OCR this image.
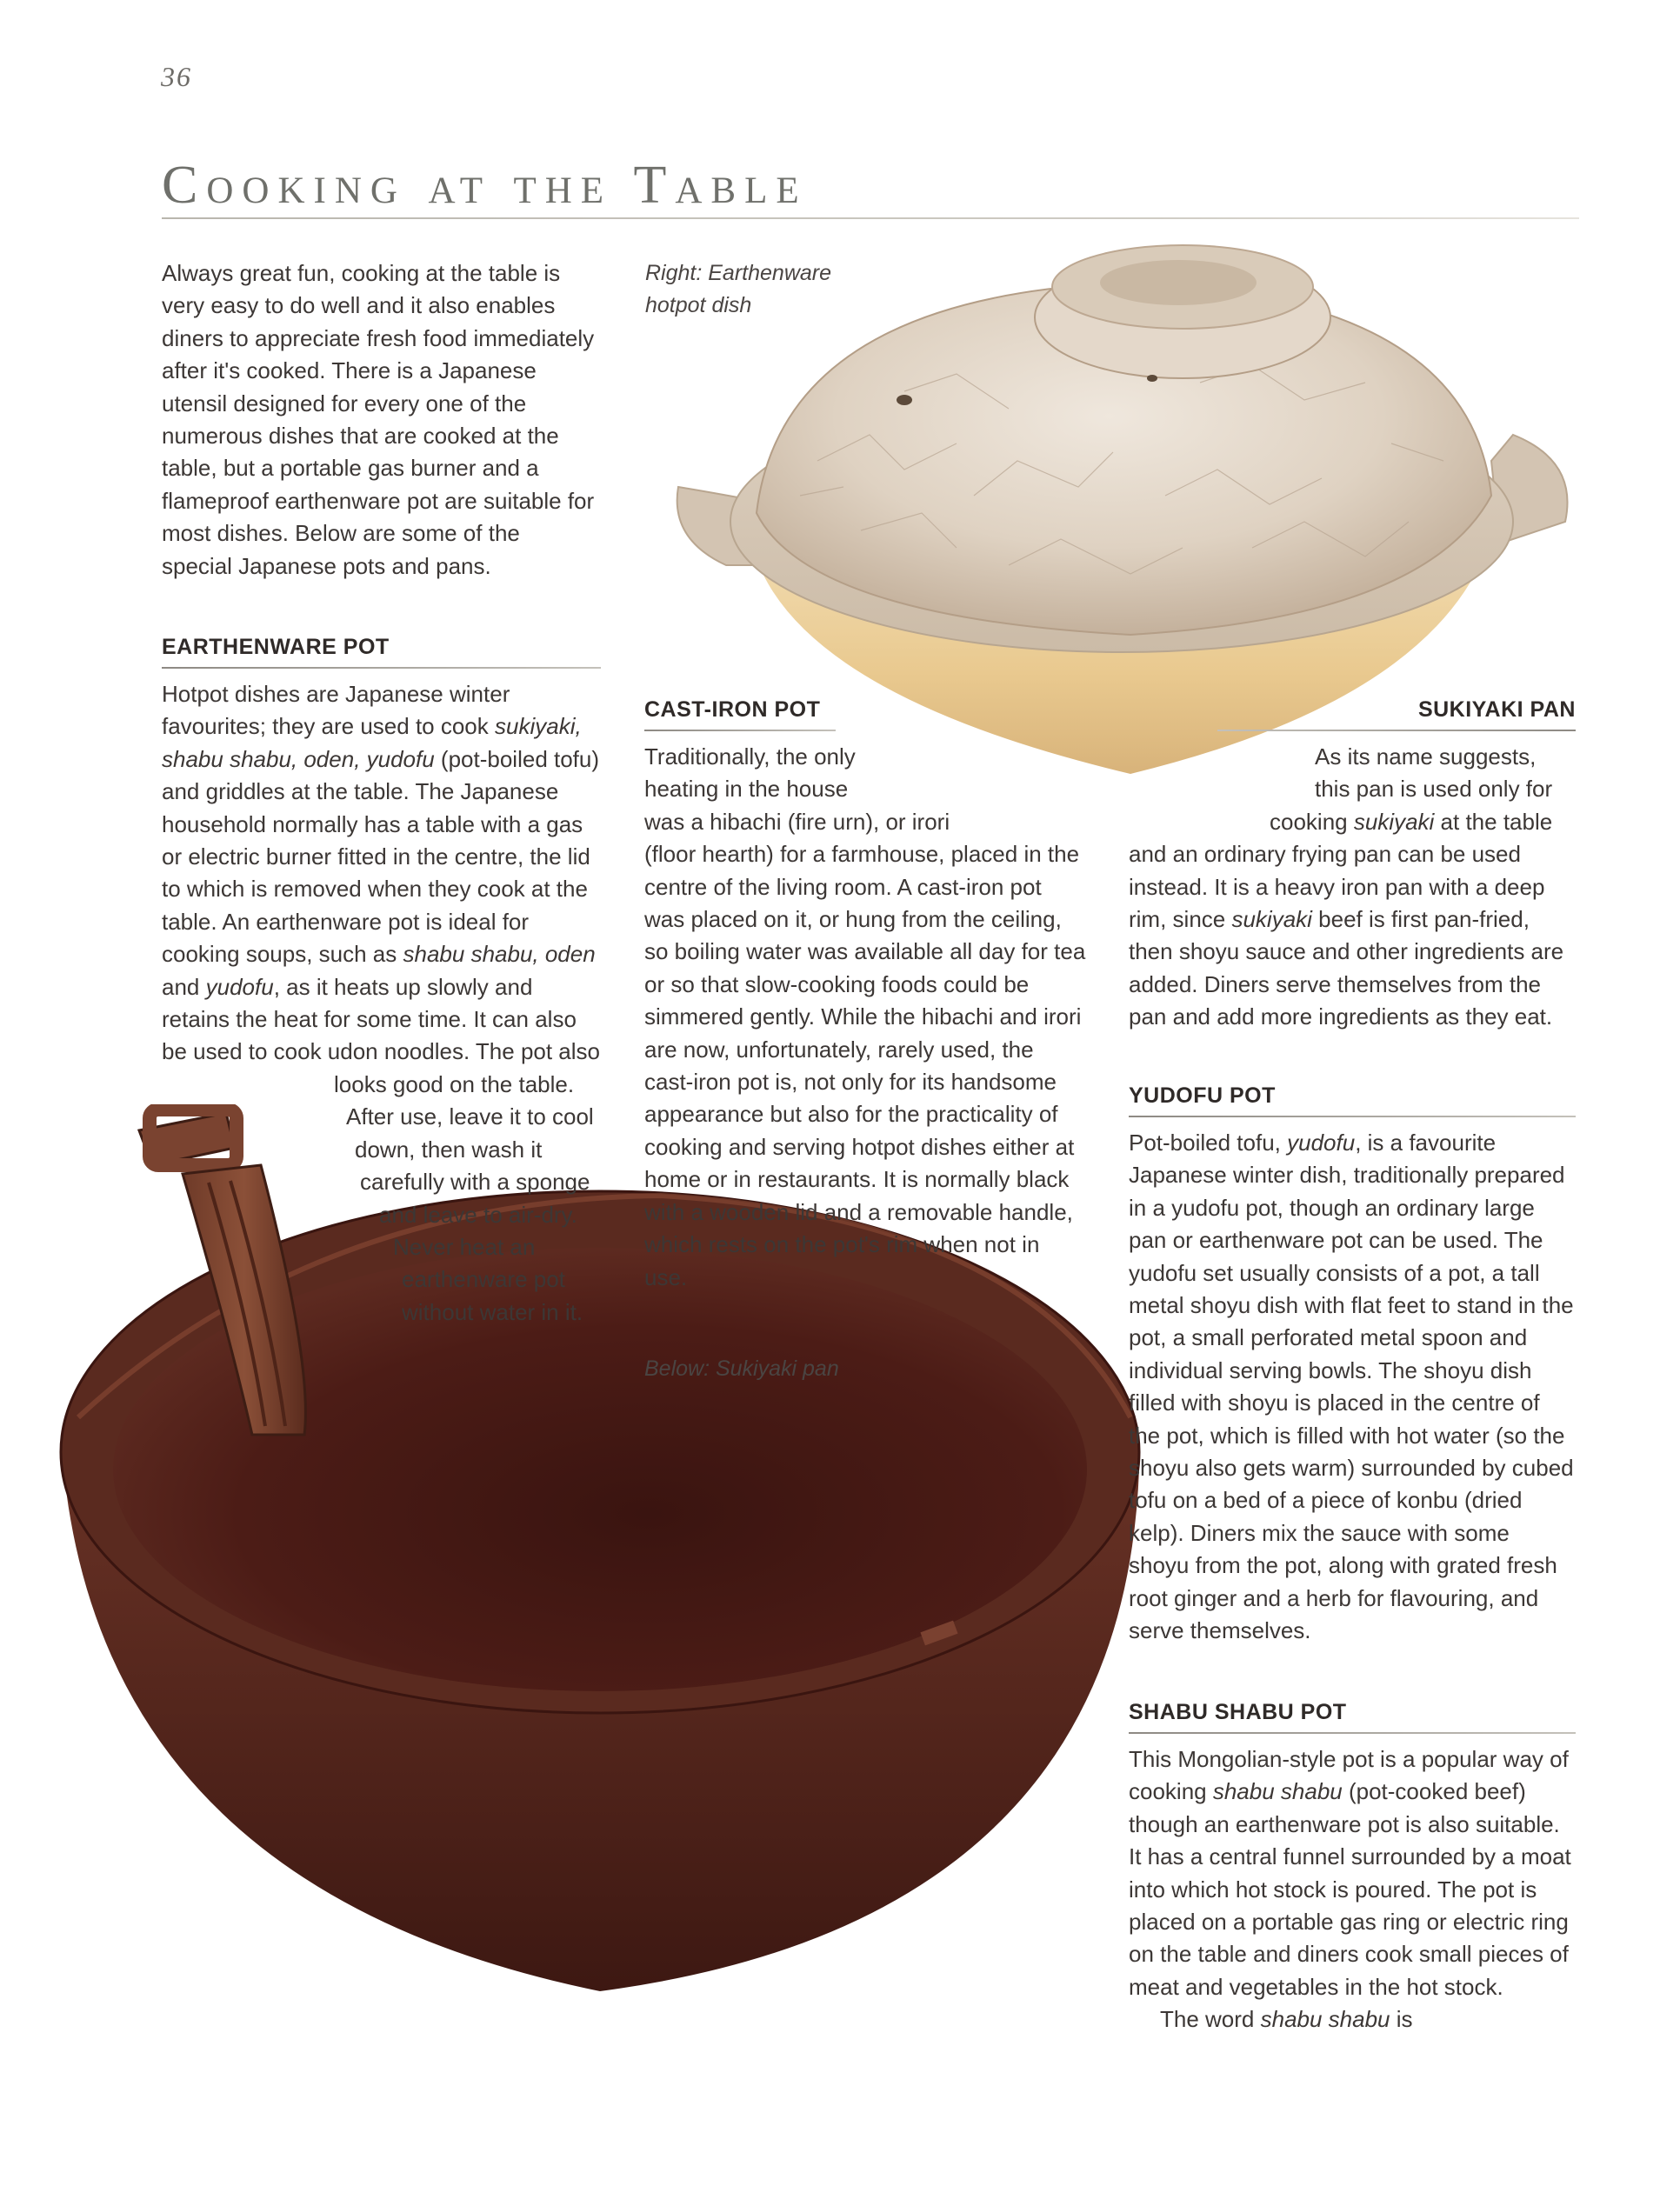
36
Cooking at the Table

Always great fun, cooking at the table is very easy to do well and it also enables diners to appreciate fresh food immediately after it's cooked. There is a Japanese utensil designed for every one of the numerous dishes that are cooked at the table, but a portable gas burner and a flameproof earthenware pot are suitable for most dishes. Below are some of the special Japanese pots and pans.

EARTHENWARE POT

Hotpot dishes are Japanese winter favourites; they are used to cook sukiyaki, shabu shabu, oden, yudofu (pot-boiled tofu) and griddles at the table. The Japanese household normally has a table with a gas or electric burner fitted in the centre, the lid to which is removed when they cook at the table. An earthenware pot is ideal for cooking soups, such as shabu shabu, oden and yudofu, as it heats up slowly and retains the heat for some time. It can also be used to cook udon noodles. The pot also looks good on the table. After use, leave it to cool down, then wash it carefully with a sponge and leave to air-dry. Never heat an earthenware pot without water in it.

Right: Earthenware hotpot dish
CAST-IRON POT

Traditionally, the only heating in the house was a hibachi (fire urn), or irori (floor hearth) for a farmhouse, placed in the centre of the living room. A cast-iron pot was placed on it, or hung from the ceiling, so boiling water was available all day for tea or so that slow-cooking foods could be simmered gently. While the hibachi and irori are now, unfortunately, rarely used, the cast-iron pot is, not only for its handsome appearance but also for the practicality of cooking and serving hotpot dishes either at home or in restaurants. It is normally black with a wooden lid and a removable handle, which rests on the pot's rim when not in use.

Below: Sukiyaki pan
SUKIYAKI PAN

As its name suggests, this pan is used only for cooking sukiyaki at the table and an ordinary frying pan can be used instead. It is a heavy iron pan with a deep rim, since sukiyaki beef is first pan-fried, then shoyu sauce and other ingredients are added. Diners serve themselves from the pan and add more ingredients as they eat.

YUDOFU POT

Pot-boiled tofu, yudofu, is a favourite Japanese winter dish, traditionally prepared in a yudofu pot, though an ordinary large pan or earthenware pot can be used. The yudofu set usually consists of a pot, a tall metal shoyu dish with flat feet to stand in the pot, a small perforated metal spoon and individual serving bowls. The shoyu dish filled with shoyu is placed in the centre of the pot, which is filled with hot water (so the shoyu also gets warm) surrounded by cubed tofu on a bed of a piece of konbu (dried kelp). Diners mix the sauce with some shoyu from the pot, along with grated fresh root ginger and a herb for flavouring, and serve themselves.

SHABU SHABU POT

This Mongolian-style pot is a popular way of cooking shabu shabu (pot-cooked beef) though an earthenware pot is also suitable. It has a central funnel surrounded by a moat into which hot stock is poured. The pot is placed on a portable gas ring or electric ring on the table and diners cook small pieces of meat and vegetables in the hot stock.

The word shabu shabu is
